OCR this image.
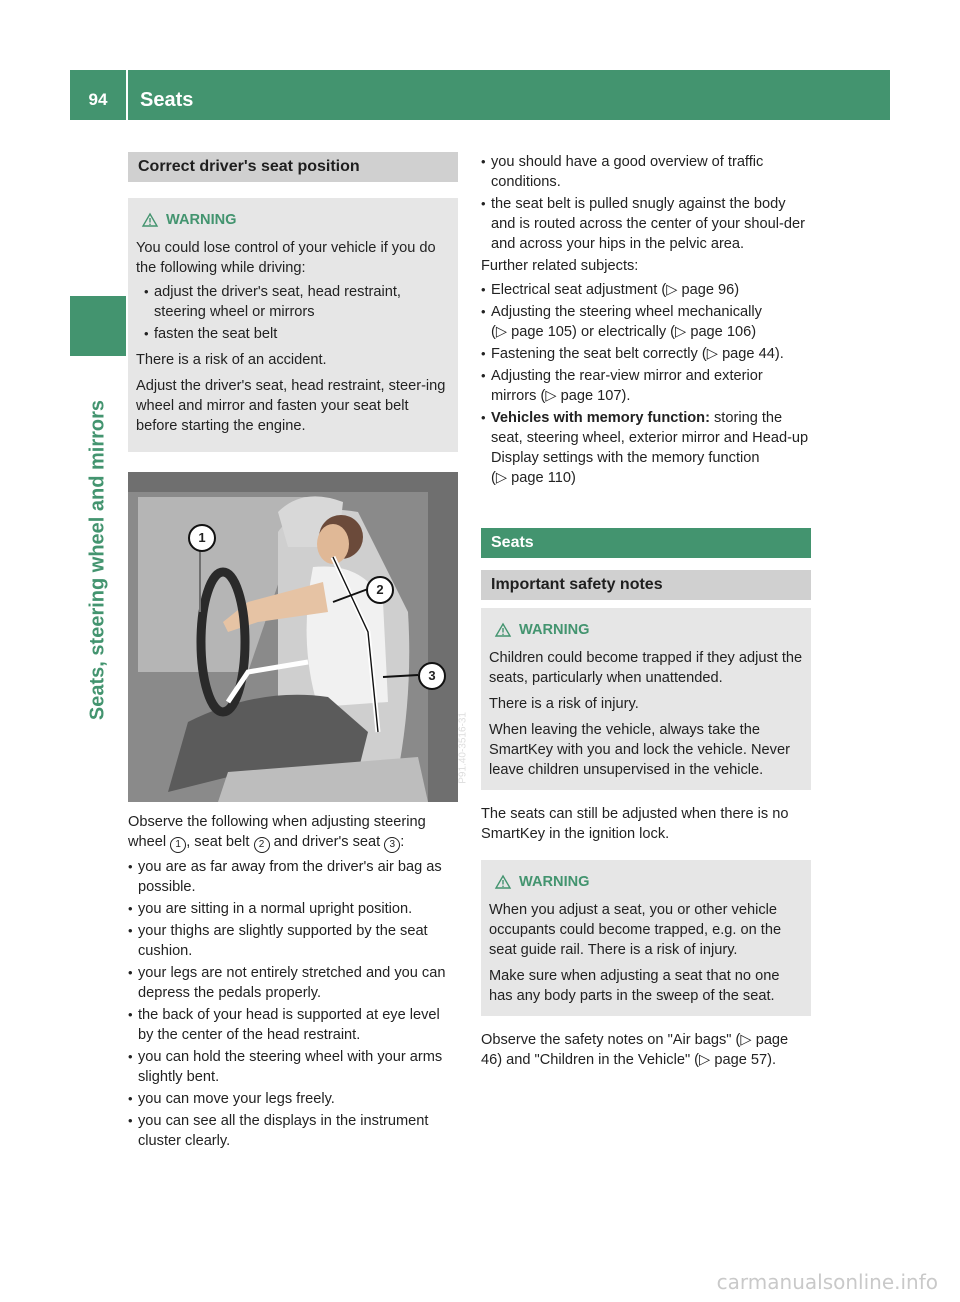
94	Seats
Seats, steering wheel and mirrors
Correct driver's seat position
WARNING

You could lose control of your vehicle if you do the following while driving:

• adjust the driver's seat, head restraint, steering wheel or mirrors
• fasten the seat belt

There is a risk of an accident.

Adjust the driver's seat, head restraint, steer-ing wheel and mirror and fasten your seat belt before starting the engine.

1
2
3
P91.40-3516-31

Observe the following when adjusting steering wheel 1 , seat belt 2 and driver's seat 3 :

• you are as far away from the driver's air bag as possible.
• you are sitting in a normal upright position.
• your thighs are slightly supported by the seat cushion.
• your legs are not entirely stretched and you can depress the pedals properly.
• the back of your head is supported at eye level by the center of the head restraint.
• you can hold the steering wheel with your arms slightly bent.
• you can move your legs freely.
• you can see all the displays in the instrument cluster clearly.
• you should have a good overview of traffic conditions.
• the seat belt is pulled snugly against the body and is routed across the center of your shoul-der and across your hips in the pelvic area.

Further related subjects:

• Electrical seat adjustment (▷ page 96)
• Adjusting the steering wheel mechanically (▷ page 105) or electrically (▷ page 106)
• Fastening the seat belt correctly (▷ page 44).
• Adjusting the rear-view mirror and exterior mirrors (▷ page 107).
• Vehicles with memory function: storing the seat, steering wheel, exterior mirror and Head-up Display settings with the memory function (▷ page 110)
Seats
Important safety notes
WARNING

Children could become trapped if they adjust the seats, particularly when unattended.

There is a risk of injury.

When leaving the vehicle, always take the SmartKey with you and lock the vehicle. Never leave children unsupervised in the vehicle.

The seats can still be adjusted when there is no SmartKey in the ignition lock.

WARNING

When you adjust a seat, you or other vehicle occupants could become trapped, e.g. on the seat guide rail. There is a risk of injury.

Make sure when adjusting a seat that no one has any body parts in the sweep of the seat.

Observe the safety notes on "Air bags" (▷ page 46) and "Children in the Vehicle" (▷ page 57).

carmanualsonline.info
